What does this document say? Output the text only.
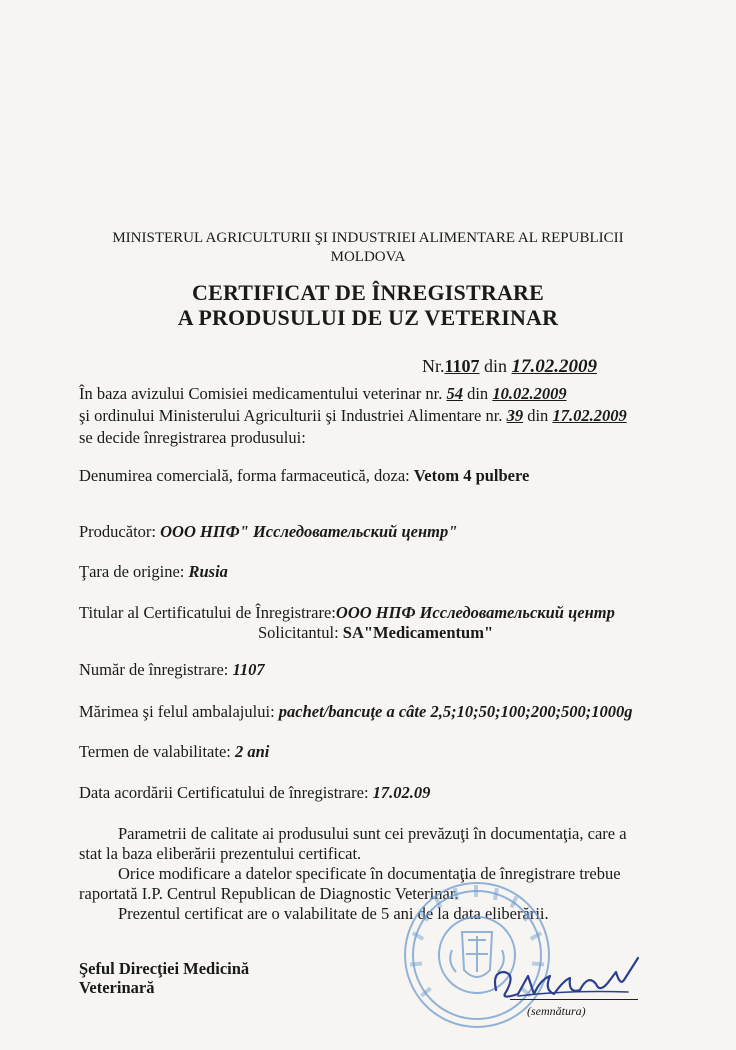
MINISTERUL AGRICULTURII ŞI INDUSTRIEI ALIMENTARE AL REPUBLICII
MOLDOVA
CERTIFICAT DE ÎNREGISTRARE
A PRODUSULUI DE UZ VETERINAR
Nr.1107 din 17.02.2009
În baza avizului Comisiei medicamentului veterinar nr. 54 din 10.02.2009
şi ordinului Ministerului Agriculturii şi Industriei Alimentare nr. 39 din 17.02.2009
se decide înregistrarea produsului:
Denumirea comercială, forma farmaceutică, doza: Vetom 4 pulbere
Producător: ООО НПФ" Исследовательский центр"
Ţara de origine: Rusia
Titular al Certificatului de Înregistrare:ООО НПФ Исследовательский центр
Solicitantul: SA"Medicamentum"
Număr de înregistrare: 1107
Mărimea şi felul ambalajului: pachet/bancuţe a câte 2,5;10;50;100;200;500;1000g
Termen de valabilitate: 2 ani
Data acordării Certificatului de înregistrare: 17.02.09
Parametrii de calitate ai produsului sunt cei prevăzuţi în documentaţia, care a
stat la baza eliberării prezentului certificat.
Orice modificare a datelor specificate în documentaţia de înregistrare trebue
raportată I.P. Centrul Republican de Diagnostic Veterinar.
Prezentul certificat are o valabilitate de 5 ani de la data eliberării.
Şeful Direcţiei Medicină
Veterinară
(semnătura)
